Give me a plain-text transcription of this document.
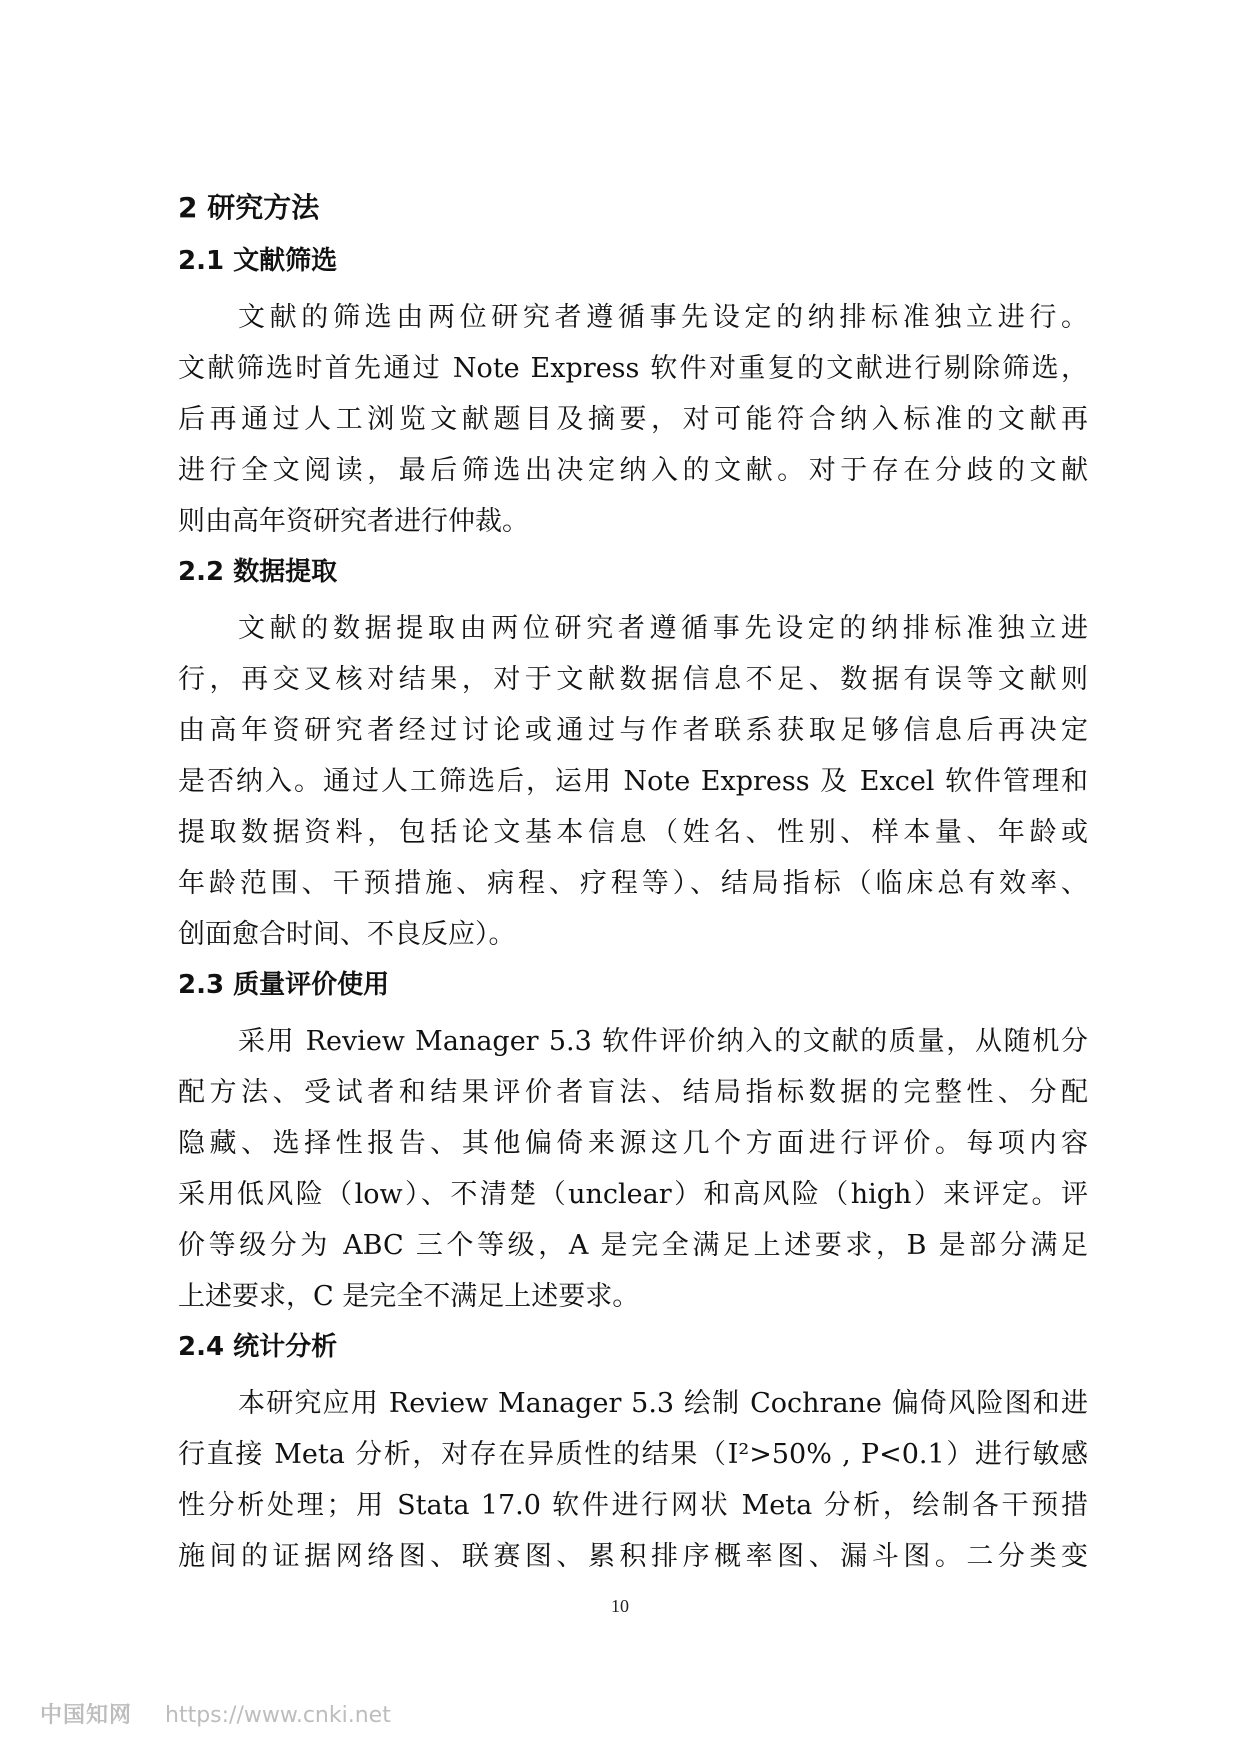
2 研究方法
2.1 文献筛选
文献的筛选由两位研究者遵循事先设定的纳排标准独立进行。
文献筛选时首先通过 Note Express 软件对重复的文献进行剔除筛选，
后再通过人工浏览文献题目及摘要，对可能符合纳入标准的文献再
进行全文阅读，最后筛选出决定纳入的文献。对于存在分歧的文献
则由高年资研究者进行仲裁。
2.2 数据提取
文献的数据提取由两位研究者遵循事先设定的纳排标准独立进
行，再交叉核对结果，对于文献数据信息不足、数据有误等文献则
由高年资研究者经过讨论或通过与作者联系获取足够信息后再决定
是否纳入。通过人工筛选后，运用 Note Express 及 Excel 软件管理和
提取数据资料，包括论文基本信息（姓名、性别、样本量、年龄或
年龄范围、干预措施、病程、疗程等）、结局指标（临床总有效率、
创面愈合时间、不良反应）。
2.3 质量评价使用
采用 Review Manager 5.3 软件评价纳入的文献的质量，从随机分
配方法、受试者和结果评价者盲法、结局指标数据的完整性、分配
隐藏、选择性报告、其他偏倚来源这几个方面进行评价。每项内容
采用低风险（low）、不清楚（unclear）和高风险（high）来评定。评
价等级分为 ABC 三个等级，A 是完全满足上述要求，B 是部分满足
上述要求，C 是完全不满足上述要求。
2.4 统计分析
本研究应用 Review Manager 5.3 绘制 Cochrane 偏倚风险图和进
行直接 Meta 分析，对存在异质性的结果（I²>50% , P<0.1）进行敏感
性分析处理；用 Stata 17.0 软件进行网状 Meta 分析，绘制各干预措
施间的证据网络图、联赛图、累积排序概率图、漏斗图。二分类变
10
中国知网 https://www.cnki.net
